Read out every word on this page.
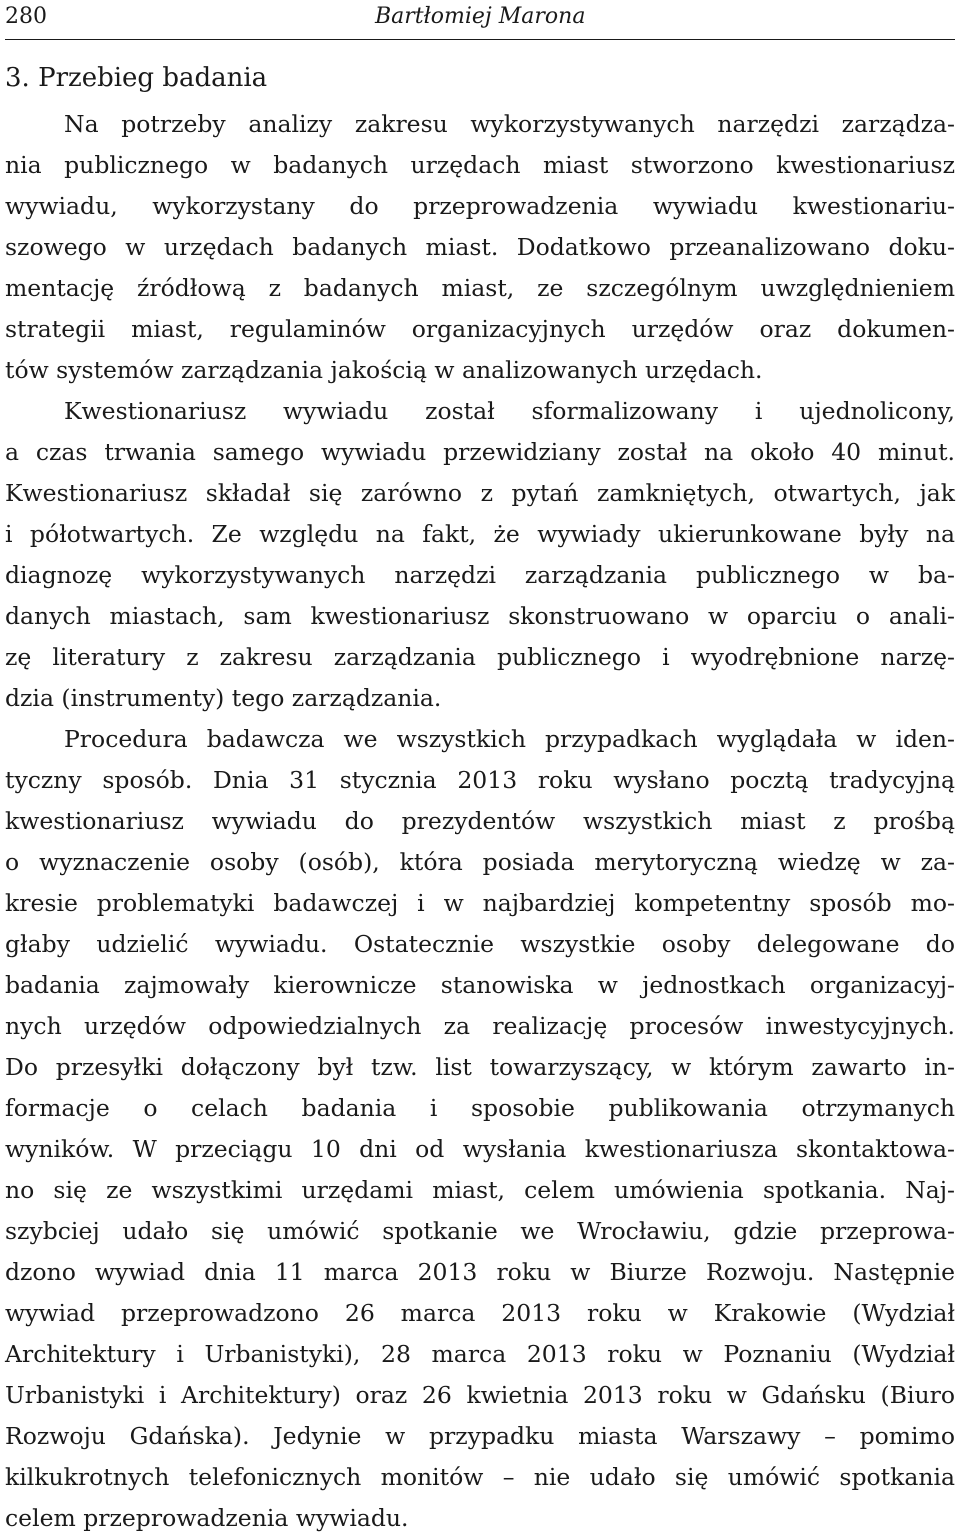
280	Bartłomiej Marona
3. Przebieg badania
Na potrzeby analizy zakresu wykorzystywanych narzędzi zarządza-
nia publicznego w badanych urzędach miast stworzono kwestionariusz
wywiadu, wykorzystany do przeprowadzenia wywiadu kwestionariu-
szowego w urzędach badanych miast. Dodatkowo przeanalizowano doku-
mentację źródłową z badanych miast, ze szczególnym uwzględnieniem
strategii miast, regulaminów organizacyjnych urzędów oraz dokumen-
tów systemów zarządzania jakością w analizowanych urzędach.
Kwestionariusz wywiadu został sformalizowany i ujednolicony,
a czas trwania samego wywiadu przewidziany został na około 40 minut.
Kwestionariusz składał się zarówno z pytań zamkniętych, otwartych, jak
i półotwartych. Ze względu na fakt, że wywiady ukierunkowane były na
diagnozę wykorzystywanych narzędzi zarządzania publicznego w ba-
danych miastach, sam kwestionariusz skonstruowano w oparciu o anali-
zę literatury z zakresu zarządzania publicznego i wyodrębnione narzę-
dzia (instrumenty) tego zarządzania.
Procedura badawcza we wszystkich przypadkach wyglądała w iden-
tyczny sposób. Dnia 31 stycznia 2013 roku wysłano pocztą tradycyjną
kwestionariusz wywiadu do prezydentów wszystkich miast z prośbą
o wyznaczenie osoby (osób), która posiada merytoryczną wiedzę w za-
kresie problematyki badawczej i w najbardziej kompetentny sposób mo-
głaby udzielić wywiadu. Ostatecznie wszystkie osoby delegowane do
badania zajmowały kierownicze stanowiska w jednostkach organizacyj-
nych urzędów odpowiedzialnych za realizację procesów inwestycyjnych.
Do przesyłki dołączony był tzw. list towarzyszący, w którym zawarto in-
formacje o celach badania i sposobie publikowania otrzymanych
wyników. W przeciągu 10 dni od wysłania kwestionariusza skontaktowa-
no się ze wszystkimi urzędami miast, celem umówienia spotkania. Naj-
szybciej udało się umówić spotkanie we Wrocławiu, gdzie przeprowa-
dzono wywiad dnia 11 marca 2013 roku w Biurze Rozwoju. Następnie
wywiad przeprowadzono 26 marca 2013 roku w Krakowie (Wydział
Architektury i Urbanistyki), 28 marca 2013 roku w Poznaniu (Wydział
Urbanistyki i Architektury) oraz 26 kwietnia 2013 roku w Gdańsku (Biuro
Rozwoju Gdańska). Jedynie w przypadku miasta Warszawy – pomimo
kilkukrotnych telefonicznych monitów – nie udało się umówić spotkania
celem przeprowadzenia wywiadu.
